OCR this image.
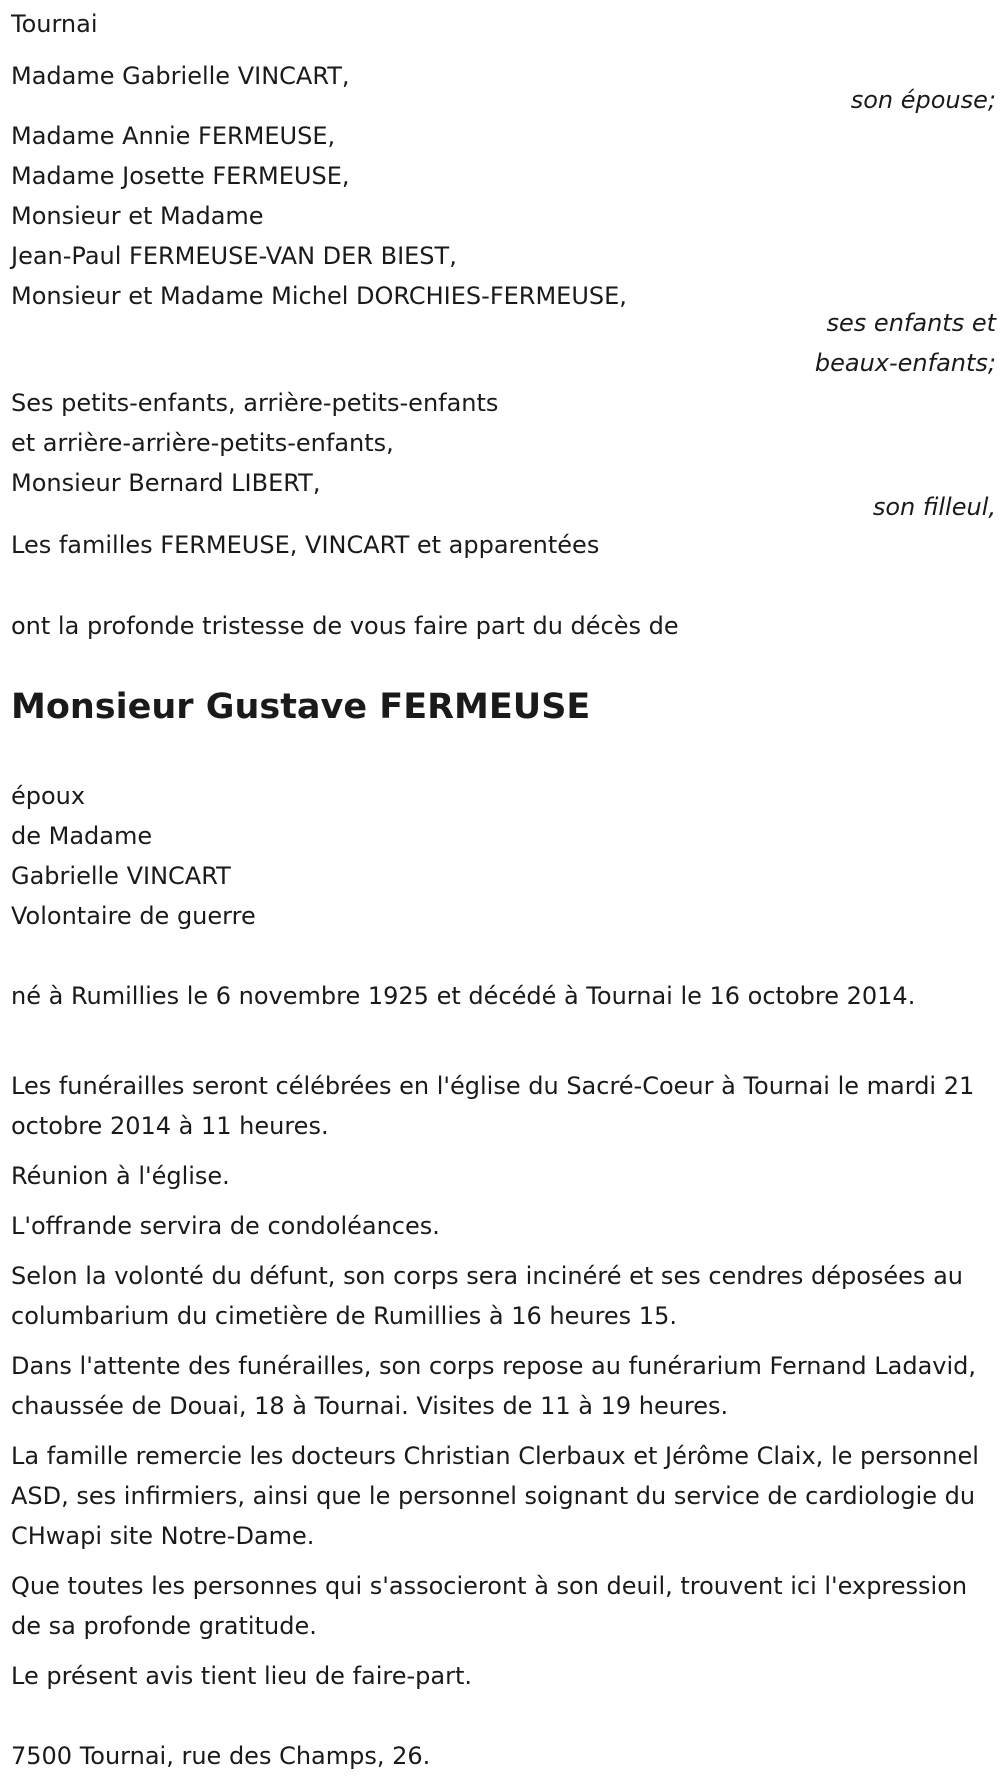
Tournai
Madame Gabrielle VINCART,
son épouse;
Madame Annie FERMEUSE,
Madame Josette FERMEUSE,
Monsieur et Madame
Jean-Paul FERMEUSE-VAN DER BIEST,
Monsieur et Madame Michel DORCHIES-FERMEUSE,
ses enfants et
beaux-enfants;
Ses petits-enfants, arrière-petits-enfants
et arrière-arrière-petits-enfants,
Monsieur Bernard LIBERT,
son filleul,
Les familles FERMEUSE, VINCART et apparentées
ont la profonde tristesse de vous faire part du décès de
Monsieur Gustave FERMEUSE
époux
de Madame
Gabrielle VINCART
Volontaire de guerre
né à Rumillies le 6 novembre 1925 et décédé à Tournai le 16 octobre 2014.
Les funérailles seront célébrées en l'église du Sacré-Coeur à Tournai le mardi 21 octobre 2014 à 11 heures.
Réunion à l'église.
L'offrande servira de condoléances.
Selon la volonté du défunt, son corps sera incinéré et ses cendres déposées au columbarium du cimetière de Rumillies à 16 heures 15.
Dans l'attente des funérailles, son corps repose au funérarium Fernand Ladavid, chaussée de Douai, 18 à Tournai. Visites de 11 à 19 heures.
La famille remercie les docteurs Christian Clerbaux et Jérôme Claix, le personnel ASD, ses infirmiers, ainsi que le personnel soignant du service de cardiologie du CHwapi site Notre-Dame.
Que toutes les personnes qui s'associeront à son deuil, trouvent ici l'expression de sa profonde gratitude.
Le présent avis tient lieu de faire-part.
7500 Tournai, rue des Champs, 26.
